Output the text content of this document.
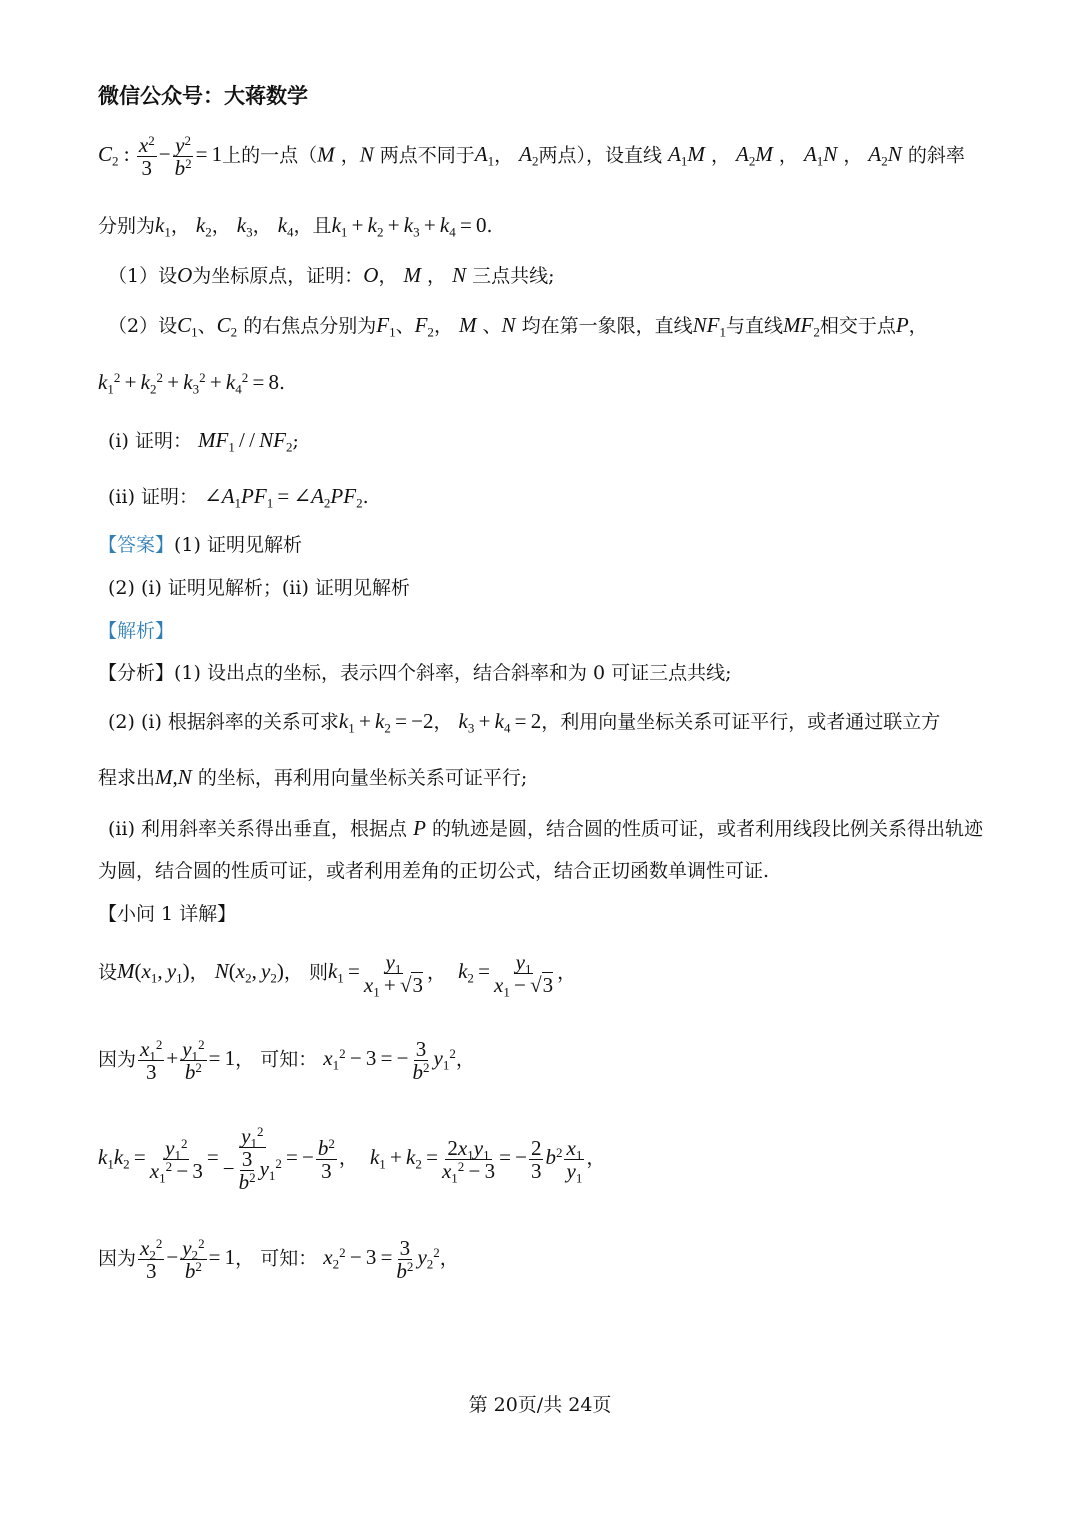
微信公众号：大蒋数学
$C_2$ : $\frac{x^2}{3} - \frac{y^2}{b^2} = 1$上的一点（M ，N 两点不同于$A_1$， $A_2$两点），设直线 $A_1M$ ， $A_2M$ ， $A_1N$ ， $A_2N$ 的斜率
分别为$k_1$， $k_2$， $k_3$， $k_4$，且$k_1 + k_2 + k_3 + k_4 = 0$.
（1）设O为坐标原点，证明：O， M ， N 三点共线;
（2）设$C_1$、$C_2$ 的右焦点分别为$F_1$、$F_2$， M 、N 均在第一象限，直线$NF_1$与直线$MF_2$相交于点P，
$k_1^2 + k_2^2 + k_3^2 + k_4^2 = 8$.
(i) 证明： $MF_1$ / / $NF_2$;
(ii) 证明： $\angle A_1PF_1$ = $\angle A_2PF_2$.
【答案】(1) 证明见解析
(2) (i) 证明见解析；(ii) 证明见解析
【解析】
【分析】(1) 设出点的坐标，表示四个斜率，结合斜率和为 0 可证三点共线;
(2) (i) 根据斜率的关系可求$k_1 + k_2 = -2$， $k_3 + k_4 = 2$，利用向量坐标关系可证平行，或者通过联立方
程求出M,N 的坐标，再利用向量坐标关系可证平行;
(ii) 利用斜率关系得出垂直，根据点 P 的轨迹是圆，结合圆的性质可证，或者利用线段比例关系得出轨迹
为圆，结合圆的性质可证，或者利用差角的正切公式，结合正切函数单调性可证.
【小问 1 详解】
设$M(x_1$, $y_1$)， $N(x_2$, $y_2$)， 则$k_1 = \frac{y_1}{x_1 + √3}$ ，  $k_2 = \frac{y_1}{x_1 - √3}$ ，
因为 $\frac{x_1^2}{3} + \frac{y_1^2}{b^2} = 1$， 可知： $x_1^2 - 3$ = − $\frac{3}{b^2} y_1^2$，
$k_1k_2 = \frac{y_1^2}{x_1^2 - 3} = \frac{y_1^2}{- \frac{3}{b^2} y_1^2}$ = − $\frac{b^2}{3}$ ，  $k_1 + k_2 = \frac{2x_1y_1}{x_1^2 - 3}$ = − $\frac{2}{3} b^2 \frac{x_1}{y_1}$ ，
因为 $\frac{x_2^2}{3} - \frac{y_2^2}{b^2} = 1$， 可知： $x_2^2 - 3 = \frac{3}{b^2} y_2^2$，
第 20页/共 24页
